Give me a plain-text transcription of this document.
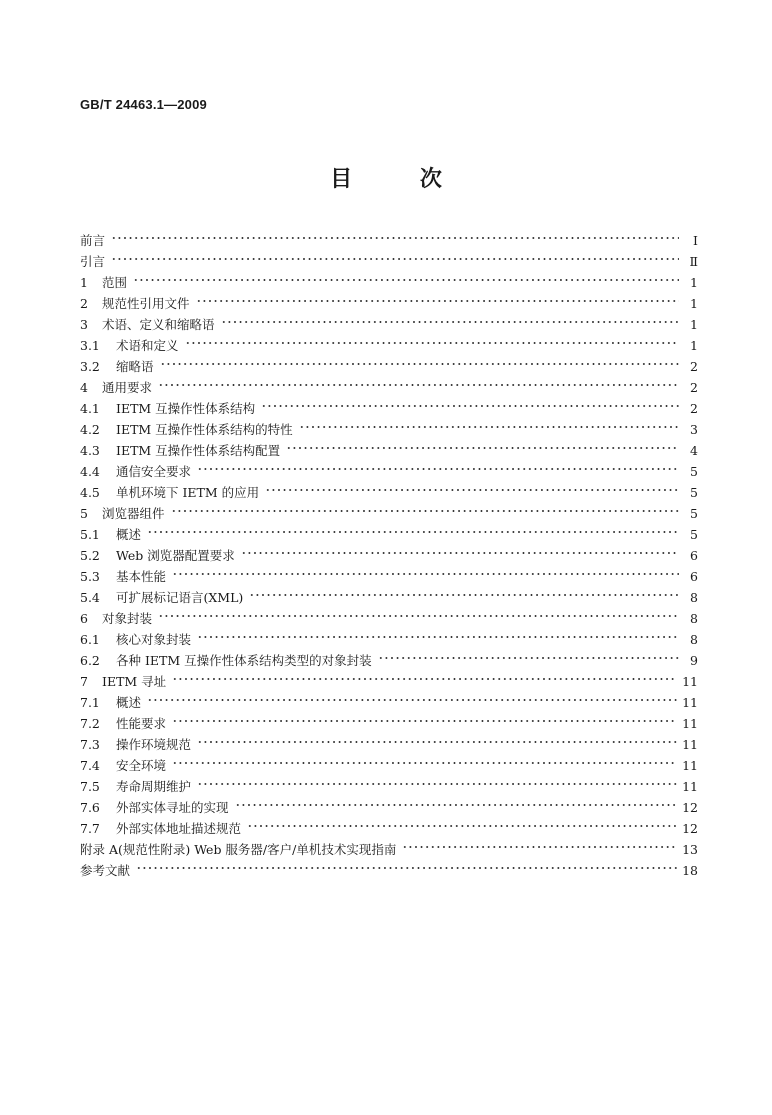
GB/T 24463.1—2009
目 次
前言	Ⅰ
引言	Ⅱ
1	范围	1
2	规范性引用文件	1
3	术语、定义和缩略语	1
3.1	术语和定义	1
3.2	缩略语	2
4	通用要求	2
4.1	IETM 互操作性体系结构	2
4.2	IETM 互操作性体系结构的特性	3
4.3	IETM 互操作性体系结构配置	4
4.4	通信安全要求	5
4.5	单机环境下 IETM 的应用	5
5	浏览器组件	5
5.1	概述	5
5.2	Web 浏览器配置要求	6
5.3	基本性能	6
5.4	可扩展标记语言(XML)	8
6	对象封装	8
6.1	核心对象封装	8
6.2	各种 IETM 互操作性体系结构类型的对象封装	9
7	IETM 寻址	11
7.1	概述	11
7.2	性能要求	11
7.3	操作环境规范	11
7.4	安全环境	11
7.5	寿命周期维护	11
7.6	外部实体寻址的实现	12
7.7	外部实体地址描述规范	12
附录 A(规范性附录) Web 服务器/客户/单机技术实现指南	13
参考文献	18
